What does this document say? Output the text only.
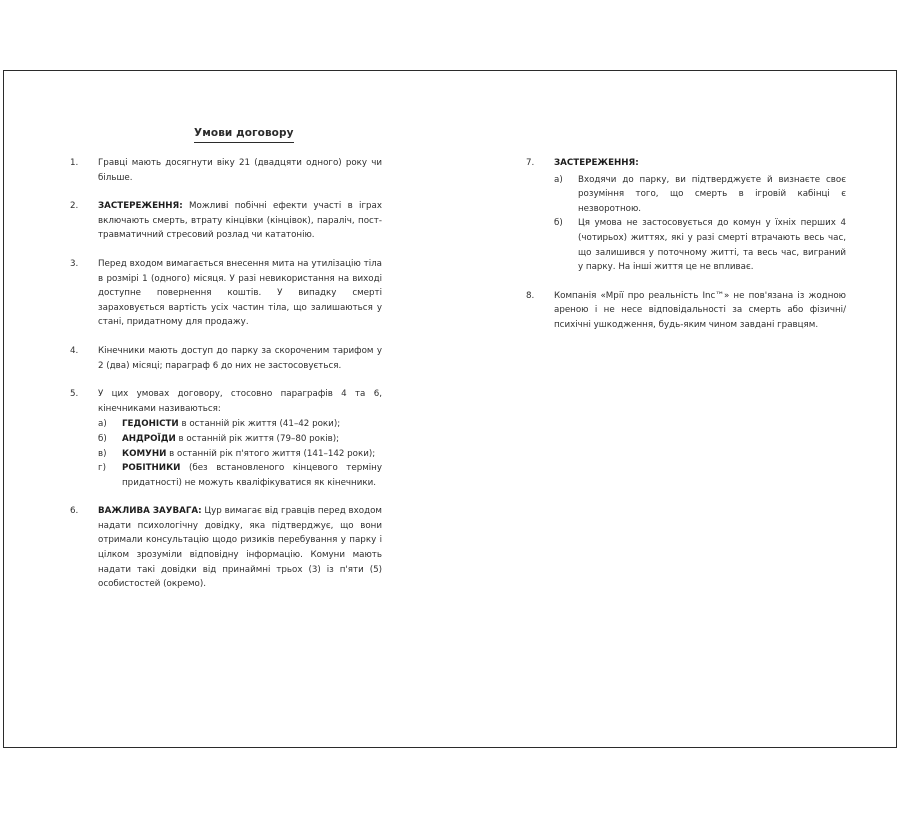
Умови договору
1.	Гравці мають досягнути віку 21 (двадцяти одного) року чи більше.
2.	ЗАСТЕРЕЖЕННЯ: Можливі побічні ефекти участі в іграх включають смерть, втрату кінцівки (кінцівок), параліч, пост-травматичний стресовий розлад чи кататонію.
3.	Перед входом вимагається внесення мита на утилізацію тіла в розмірі 1 (одного) місяця. У разі невикористання на виході доступне повернення коштів. У випадку смерті зараховується вартість усіх частин тіла, що залишаються у стані, придатному для продажу.
4.	Кінечники мають доступ до парку за скороченим тарифом у 2 (два) місяці; параграф 6 до них не застосовується.
5.	У цих умовах договору, стосовно параграфів 4 та 6, кінечниками називаються:
а)	ГЕДОНІСТИ в останній рік життя (41–42 роки);
б)	АНДРОЇДИ в останній рік життя (79–80 років);
в)	КОМУНИ в останній рік п'ятого життя (141–142 роки);
г)	РОБІТНИКИ (без встановленого кінцевого терміну придатності) не можуть кваліфікуватися як кінечники.
6.	ВАЖЛИВА ЗАУВАГА: Цур вимагає від гравців перед входом надати психологічну довідку, яка підтверджує, що вони отримали консультацію щодо ризиків перебування у парку і цілком зрозуміли відповідну інформацію. Комуни мають надати такі довідки від принаймні трьох (3) із п'яти (5) особистостей (окремо).
7.	ЗАСТЕРЕЖЕННЯ:
а)	Входячи до парку, ви підтверджуєте й визнаєте своє розуміння того, що смерть в ігровій кабінці є незворотною.
б)	Ця умова не застосовується до комун у їхніх перших 4 (чотирьох) життях, які у разі смерті втрачають весь час, що залишився у поточному житті, та весь час, виграний у парку. На інші життя це не впливає.
8.	Компанія «Мрії про реальність Inc™» не пов'язана із жодною ареною і не несе відповідальності за смерть або фізичні/психічні ушкодження, будь-яким чином завдані гравцям.
